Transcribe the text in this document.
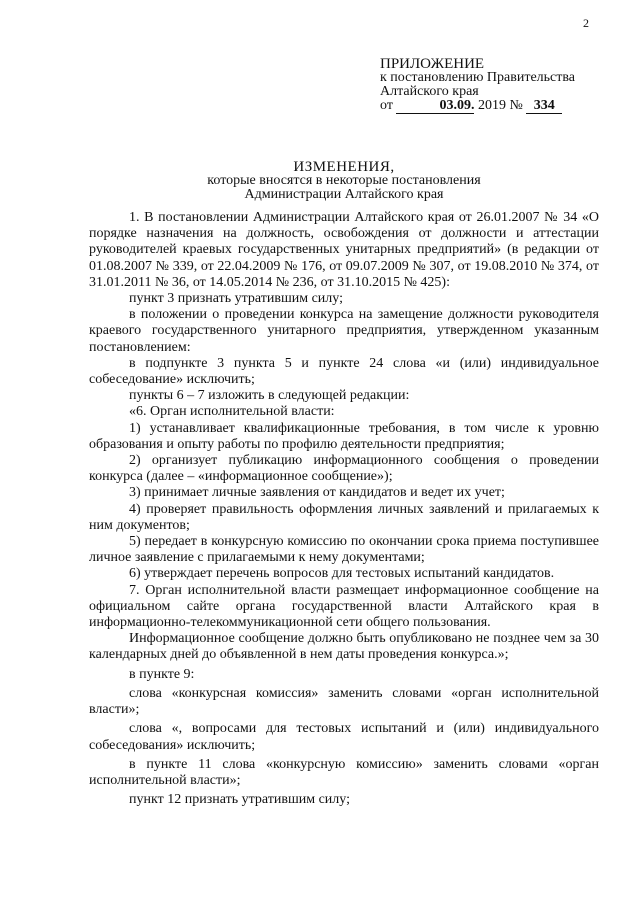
2
ПРИЛОЖЕНИЕ
к постановлению Правительства
Алтайского края
от	03.09. 2019 № 334
ИЗМЕНЕНИЯ,
которые вносятся в некоторые постановления
Администрации Алтайского края

1. В постановлении Администрации Алтайского края от 26.01.2007 № 34 «О порядке назначения на должность, освобождения от должности и аттестации руководителей краевых государственных унитарных предприятий» (в редакции от 01.08.2007 № 339, от 22.04.2009 № 176, от 09.07.2009 № 307, от 19.08.2010 № 374, от 31.01.2011 № 36, от 14.05.2014 № 236, от 31.10.2015 № 425):

пункт 3 признать утратившим силу;

в положении о проведении конкурса на замещение должности руководителя краевого государственного унитарного предприятия, утвержденном указанным постановлением:

в подпункте 3 пункта 5 и пункте 24 слова «и (или) индивидуальное собеседование» исключить;

пункты 6 – 7 изложить в следующей редакции:

«6. Орган исполнительной власти:

1) устанавливает квалификационные требования, в том числе к уровню образования и опыту работы по профилю деятельности предприятия;

2) организует публикацию информационного сообщения о проведении конкурса (далее – «информационное сообщение»);

3) принимает личные заявления от кандидатов и ведет их учет;

4) проверяет правильность оформления личных заявлений и прилагаемых к ним документов;

5) передает в конкурсную комиссию по окончании срока приема поступившее личное заявление с прилагаемыми к нему документами;

6) утверждает перечень вопросов для тестовых испытаний кандидатов.

7. Орган исполнительной власти размещает информационное сообщение на официальном сайте органа государственной власти Алтайского края в информационно-телекоммуникационной сети общего пользования.

Информационное сообщение должно быть опубликовано не позднее чем за 30 календарных дней до объявленной в нем даты проведения конкурса.»;

в пункте 9:

слова «конкурсная комиссия» заменить словами «орган исполнительной власти»;

слова «, вопросами для тестовых испытаний и (или) индивидуального собеседования» исключить;

в пункте 11 слова «конкурсную комиссию» заменить словами «орган исполнительной власти»;

пункт 12 признать утратившим силу;
